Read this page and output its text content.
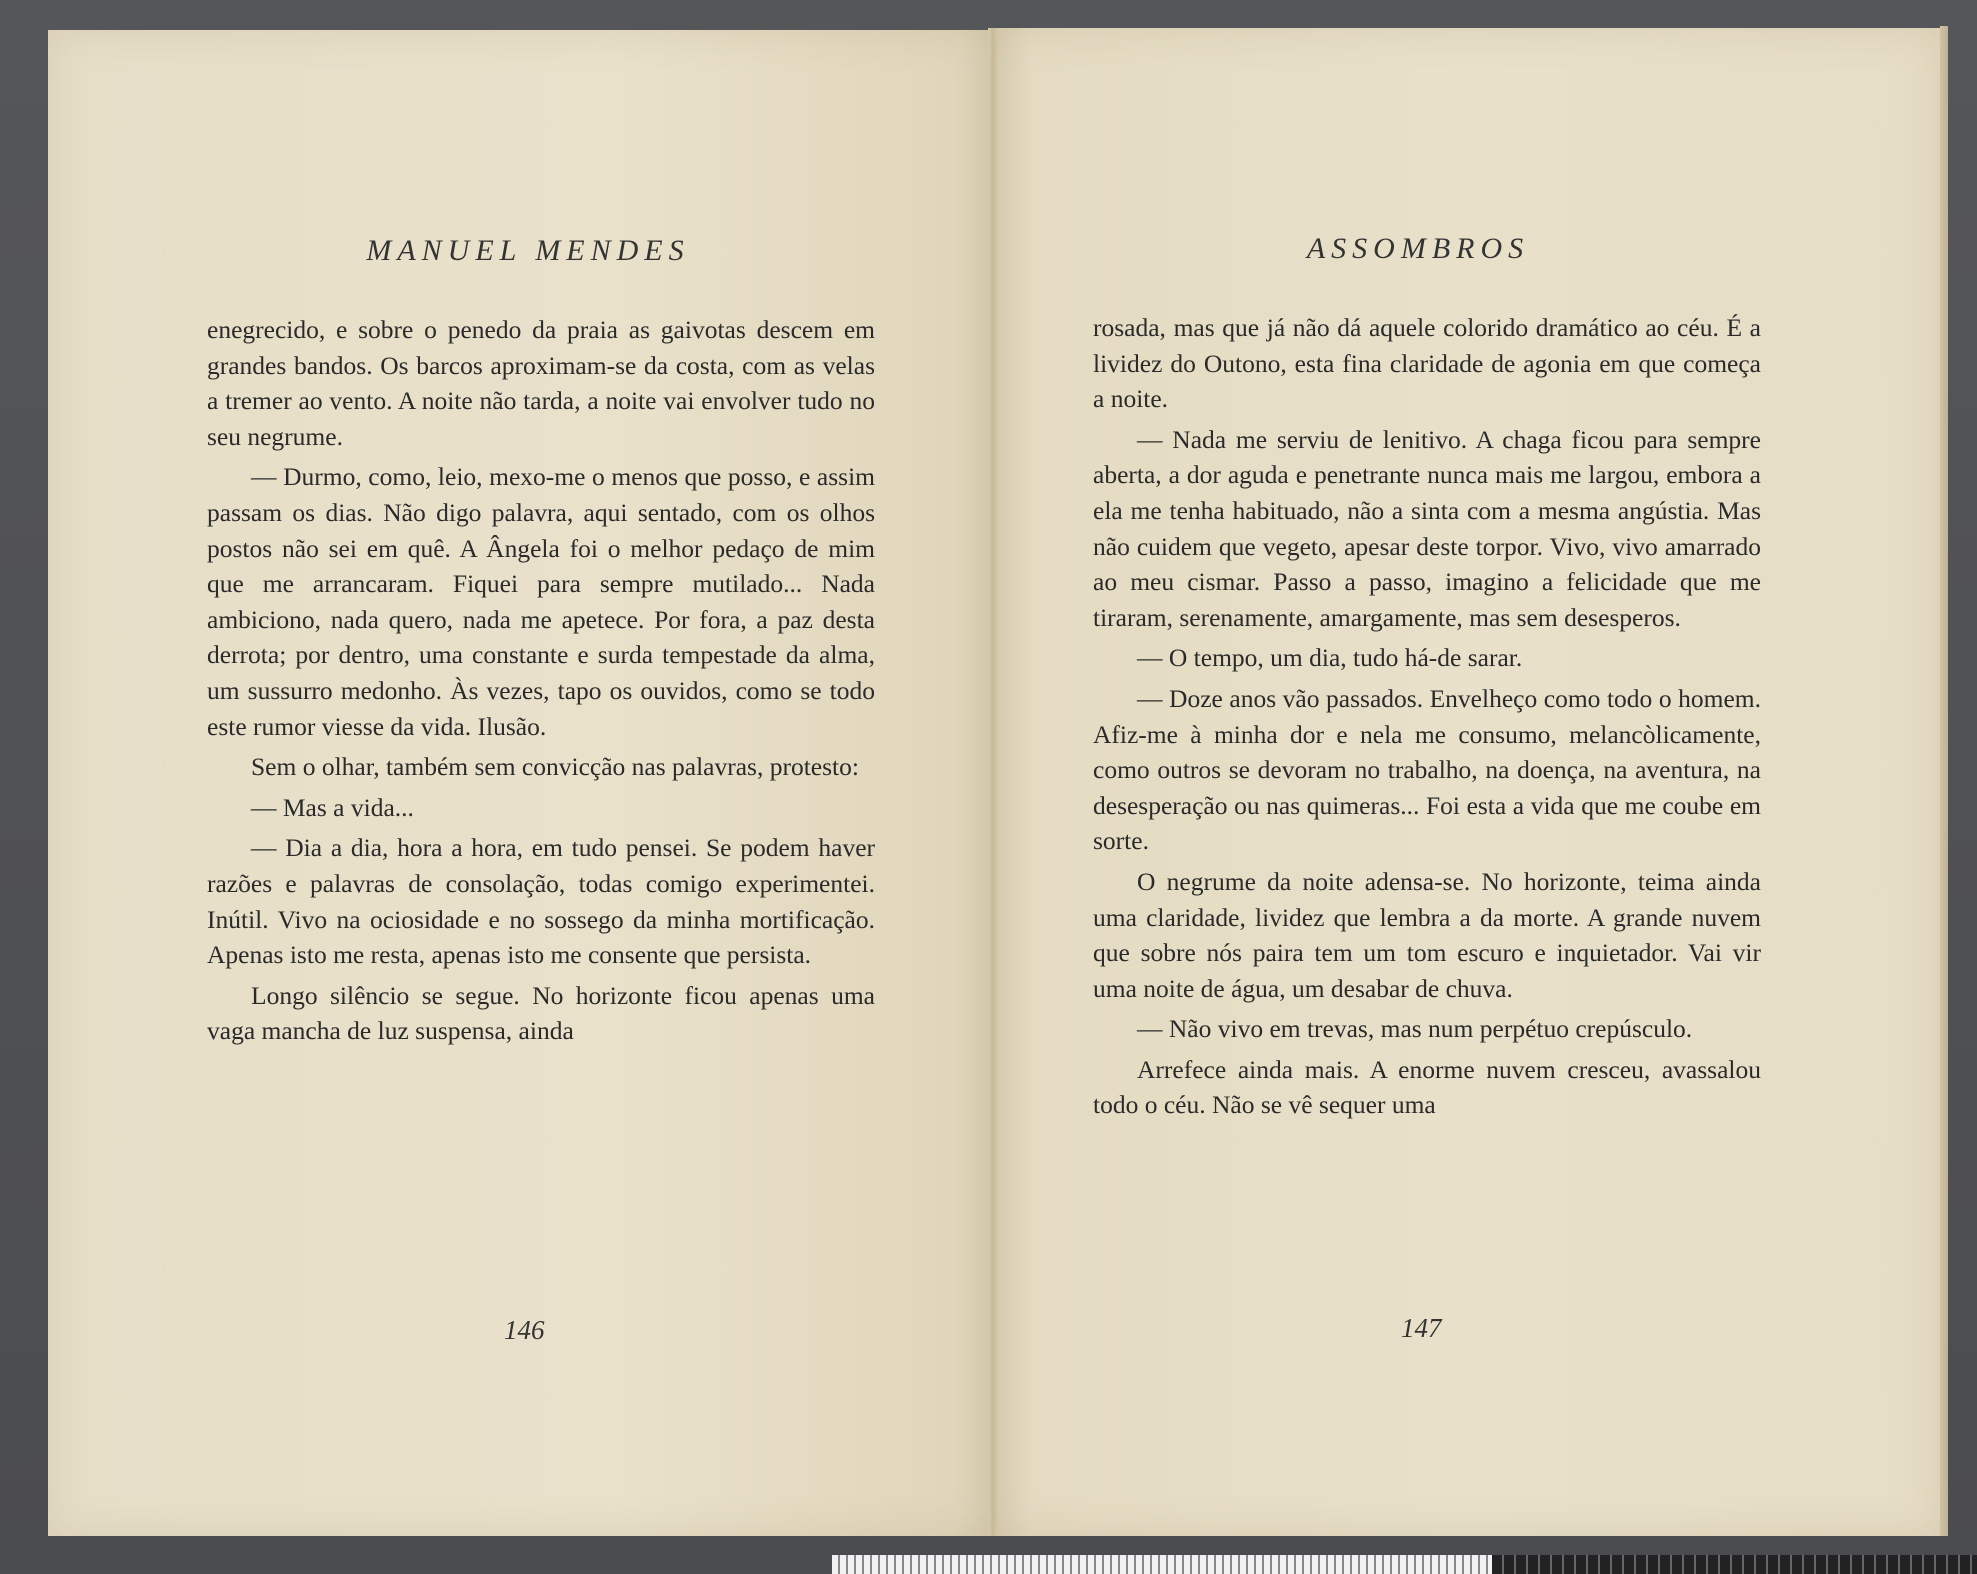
MANUEL MENDES

enegrecido, e sobre o penedo da praia as gaivotas descem em grandes bandos. Os barcos aproximam-se da costa, com as velas a tremer ao vento. A noite não tarda, a noite vai envolver tudo no seu negrume.

— Durmo, como, leio, mexo-me o menos que posso, e assim passam os dias. Não digo palavra, aqui sentado, com os olhos postos não sei em quê. A Ângela foi o melhor pedaço de mim que me arrancaram. Fiquei para sempre mutilado... Nada ambiciono, nada quero, nada me apetece. Por fora, a paz desta derrota; por dentro, uma constante e surda tempestade da alma, um sussurro medonho. Às vezes, tapo os ouvidos, como se todo este rumor viesse da vida. Ilusão.

Sem o olhar, também sem convicção nas palavras, protesto:

— Mas a vida...

— Dia a dia, hora a hora, em tudo pensei. Se podem haver razões e palavras de consolação, todas comigo experimentei. Inútil. Vivo na ociosidade e no sossego da minha mortificação. Apenas isto me resta, apenas isto me consente que persista.

Longo silêncio se segue. No horizonte ficou apenas uma vaga mancha de luz suspensa, ainda

146
ASSOMBROS

rosada, mas que já não dá aquele colorido dramático ao céu. É a lividez do Outono, esta fina claridade de agonia em que começa a noite.

— Nada me serviu de lenitivo. A chaga ficou para sempre aberta, a dor aguda e penetrante nunca mais me largou, embora a ela me tenha habituado, não a sinta com a mesma angústia. Mas não cuidem que vegeto, apesar deste torpor. Vivo, vivo amarrado ao meu cismar. Passo a passo, imagino a felicidade que me tiraram, serenamente, amargamente, mas sem desesperos.

— O tempo, um dia, tudo há-de sarar.

— Doze anos vão passados. Envelheço como todo o homem. Afiz-me à minha dor e nela me consumo, melancòlicamente, como outros se devoram no trabalho, na doença, na aventura, na desesperação ou nas quimeras... Foi esta a vida que me coube em sorte.

O negrume da noite adensa-se. No horizonte, teima ainda uma claridade, lividez que lembra a da morte. A grande nuvem que sobre nós paira tem um tom escuro e inquietador. Vai vir uma noite de água, um desabar de chuva.

— Não vivo em trevas, mas num perpétuo crepúsculo.

Arrefece ainda mais. A enorme nuvem cresceu, avassalou todo o céu. Não se vê sequer uma

147
